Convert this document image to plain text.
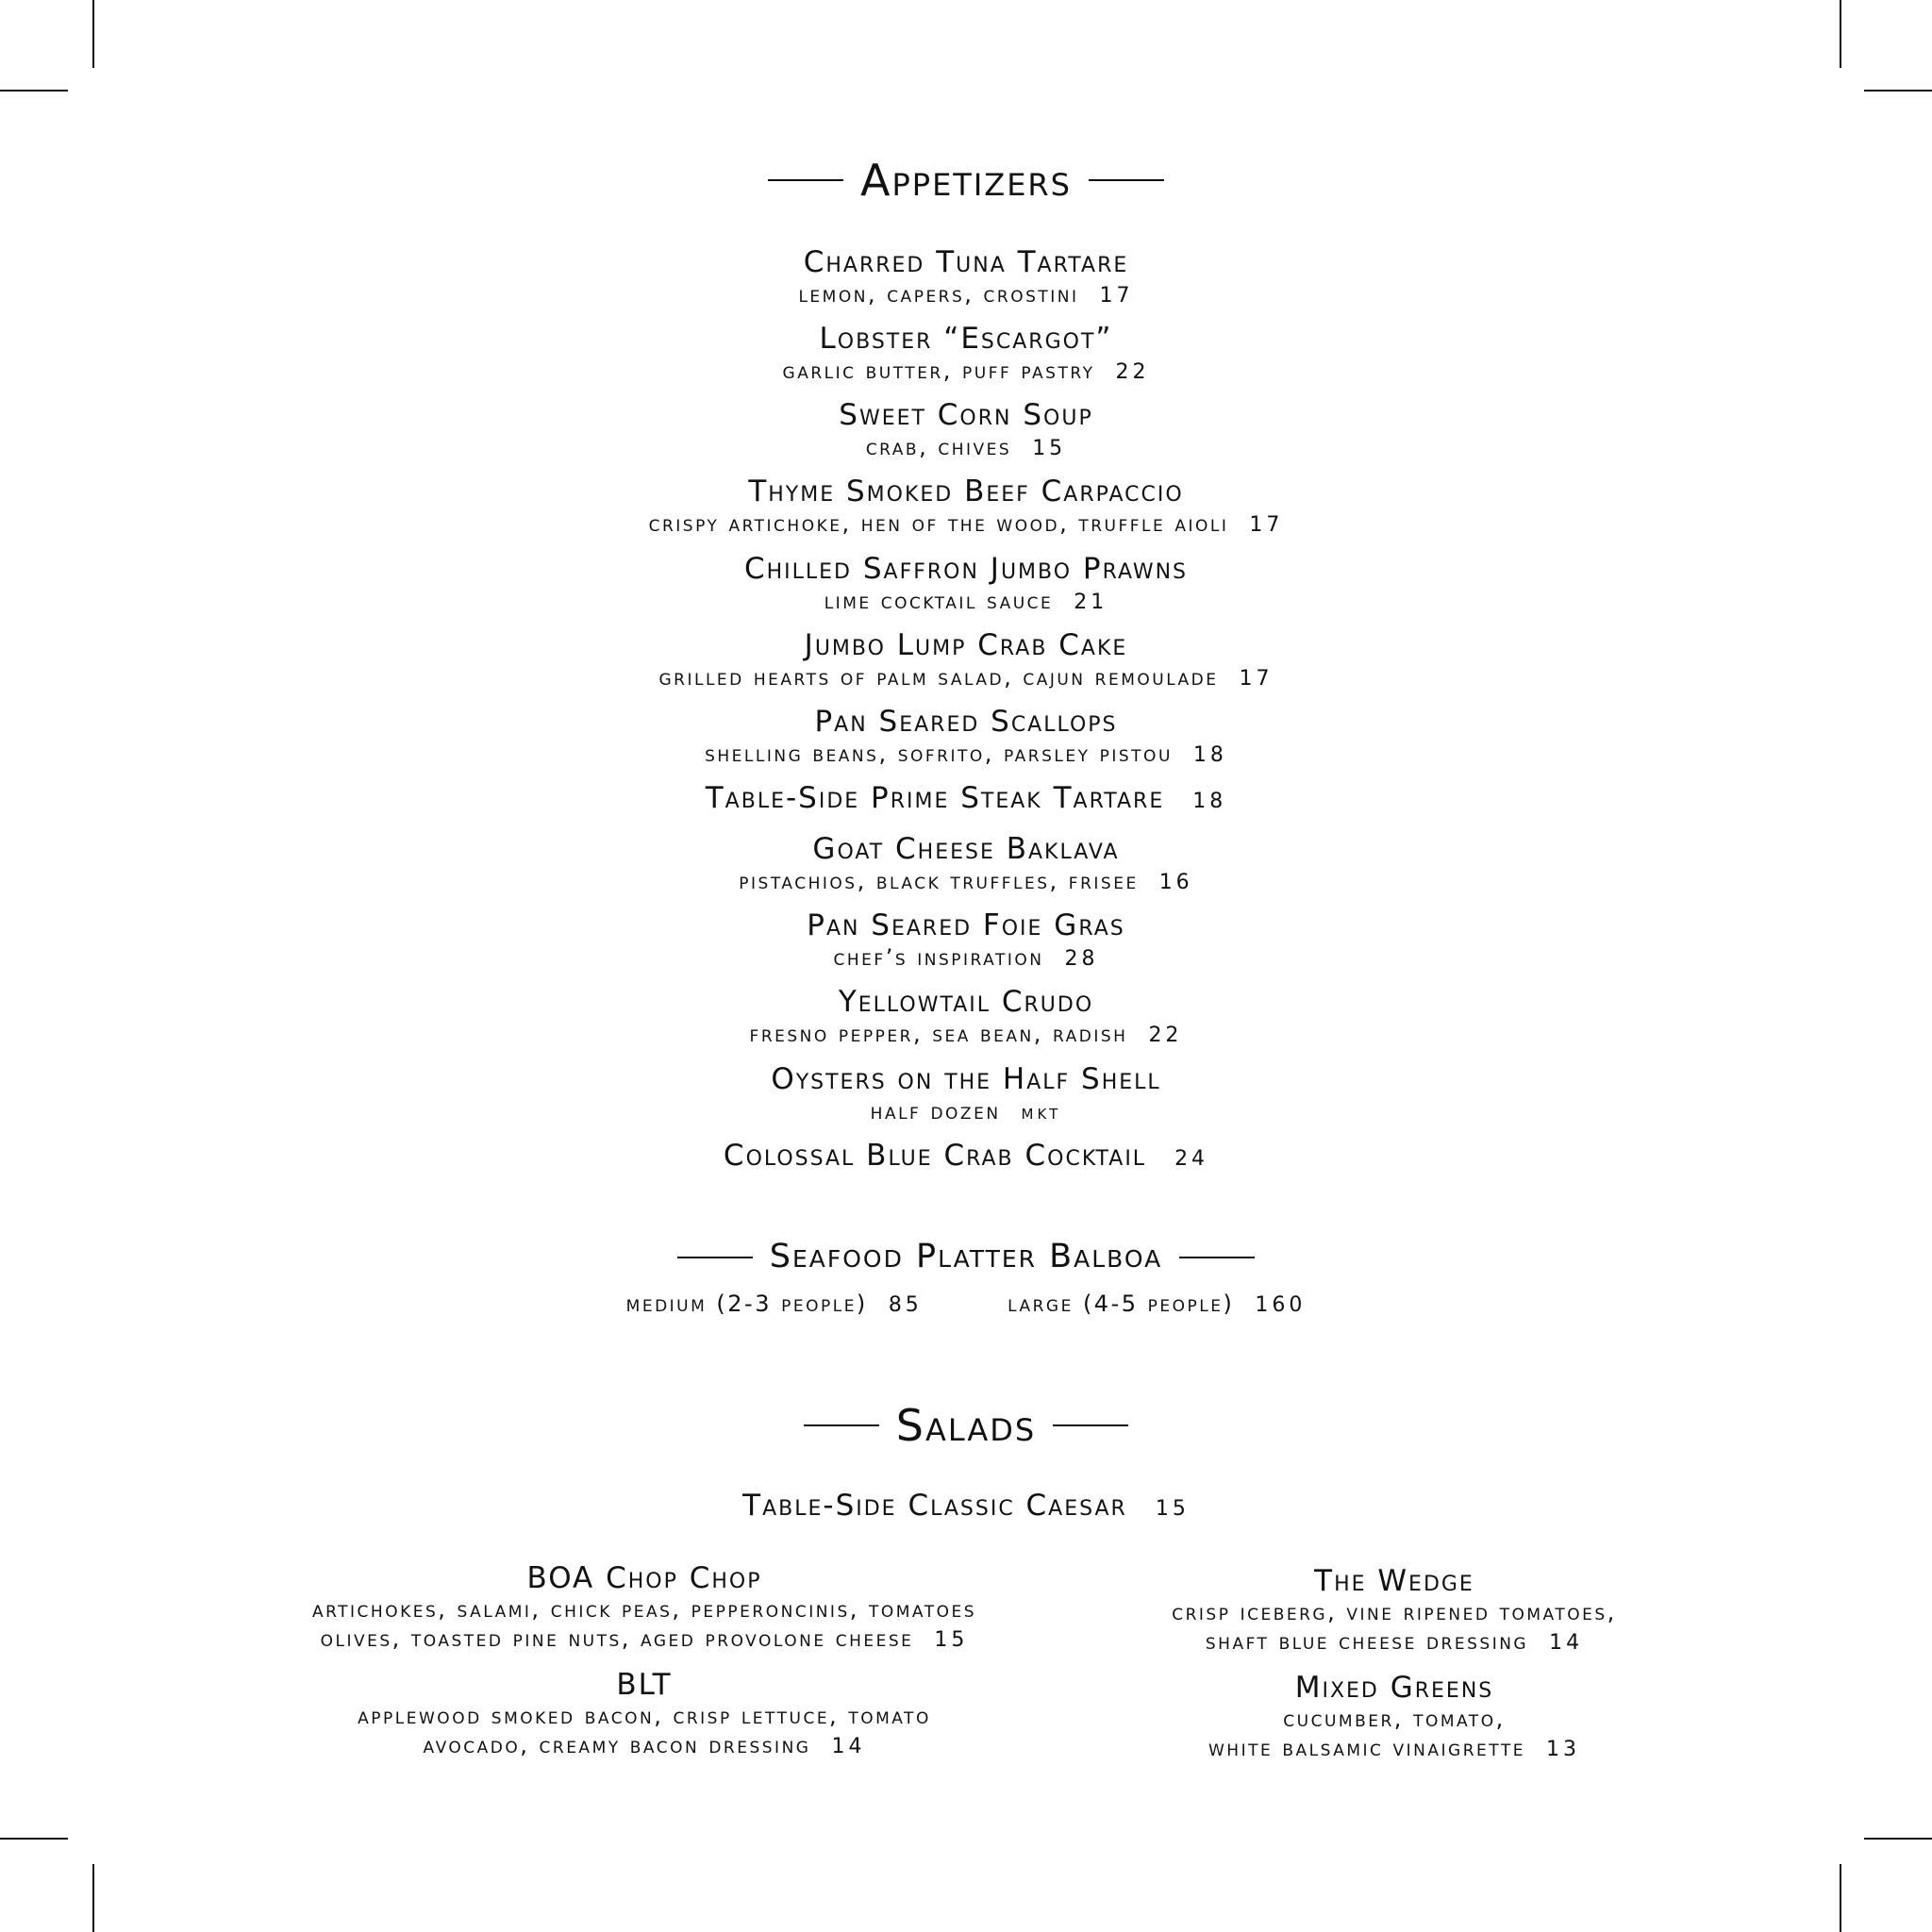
Appetizers
Charred Tuna Tartare
lemon, capers, crostini 17
Lobster “Escargot”
garlic butter, puff pastry 22
Sweet Corn Soup
crab, chives 15
Thyme Smoked Beef Carpaccio
crispy artichoke, hen of the wood, truffle aioli 17
Chilled Saffron Jumbo Prawns
lime cocktail sauce 21
Jumbo Lump Crab Cake
grilled hearts of palm salad, cajun remoulade 17
Pan Seared Scallops
shelling beans, sofrito, parsley pistou 18
Table-Side Prime Steak Tartare 18
Goat Cheese Baklava
pistachios, black truffles, frisee 16
Pan Seared Foie Gras
chef’s inspiration 28
Yellowtail Crudo
fresno pepper, sea bean, radish 22
Oysters on the Half Shell
half dozen mkt
Colossal Blue Crab Cocktail 24
Seafood Platter Balboa
medium (2-3 people) 85	large (4-5 people) 160
Salads
Table-Side Classic Caesar 15
BOA Chop Chop
artichokes, salami, chick peas, pepperoncinis, tomatoes
olives, toasted pine nuts, aged provolone cheese 15
BLT
applewood smoked bacon, crisp lettuce, tomato
avocado, creamy bacon dressing 14
The Wedge
crisp iceberg, vine ripened tomatoes,
shaft blue cheese dressing 14
Mixed Greens
cucumber, tomato,
white balsamic vinaigrette 13
